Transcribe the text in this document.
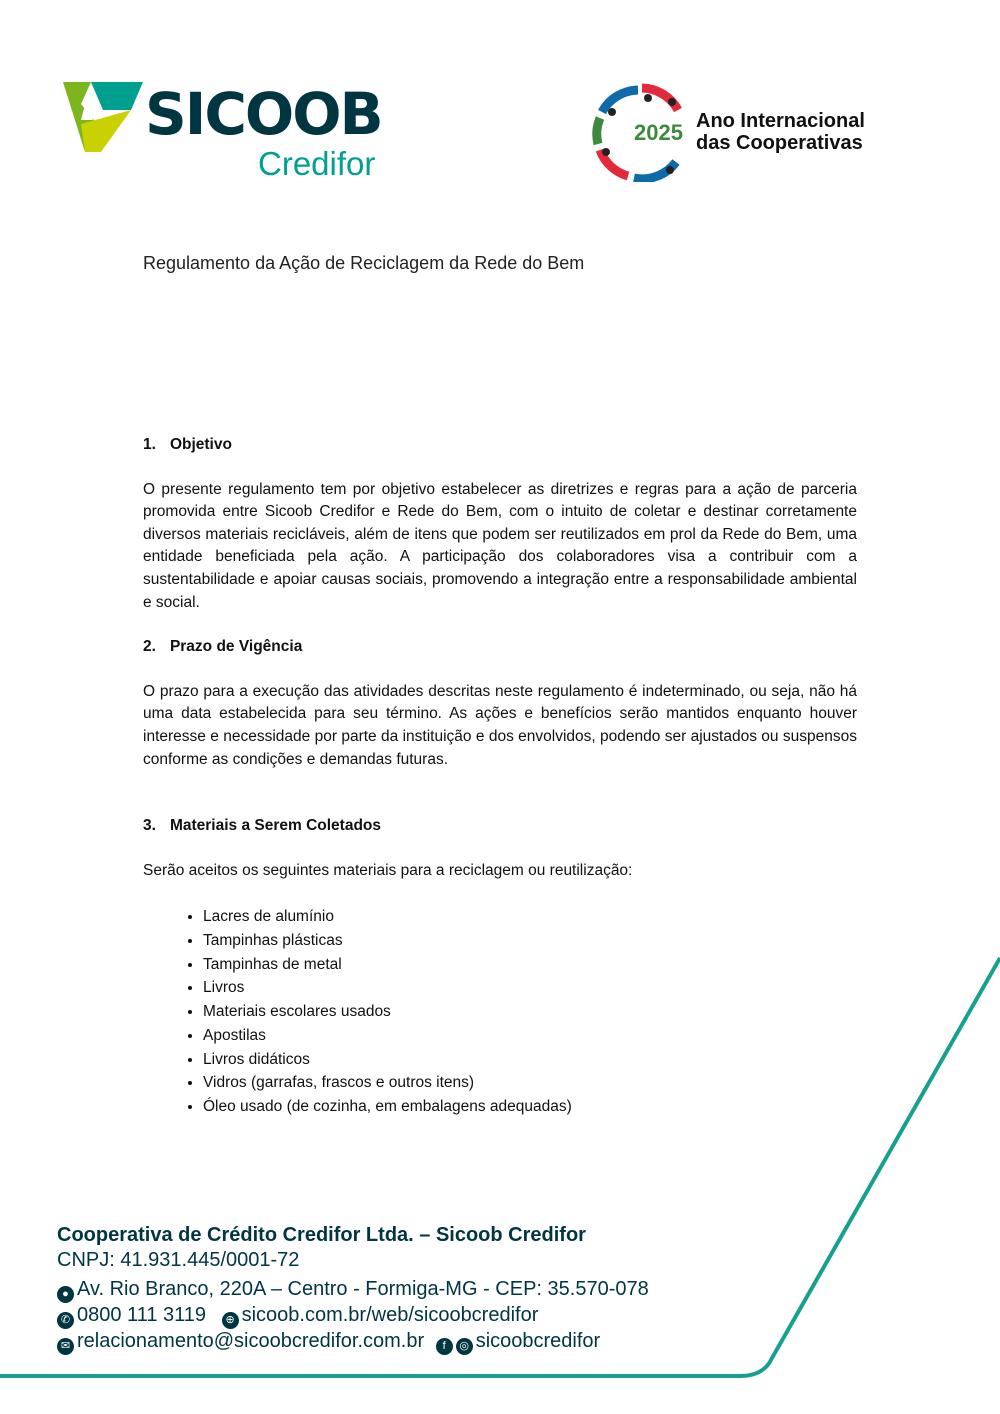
SICOOB
Credifor
2025 Ano Internacional
das Cooperativas
Regulamento da Ação de Reciclagem da Rede do Bem
1. Objetivo

O presente regulamento tem por objetivo estabelecer as diretrizes e regras para a ação de parceria promovida entre Sicoob Credifor e Rede do Bem, com o intuito de coletar e destinar corretamente diversos materiais recicláveis, além de itens que podem ser reutilizados em prol da Rede do Bem, uma entidade beneficiada pela ação. A participação dos colaboradores visa a contribuir com a sustentabilidade e apoiar causas sociais, promovendo a integração entre a responsabilidade ambiental e social.

2. Prazo de Vigência

O prazo para a execução das atividades descritas neste regulamento é indeterminado, ou seja, não há uma data estabelecida para seu término. As ações e benefícios serão mantidos enquanto houver interesse e necessidade por parte da instituição e dos envolvidos, podendo ser ajustados ou suspensos conforme as condições e demandas futuras.

3. Materiais a Serem Coletados

Serão aceitos os seguintes materiais para a reciclagem ou reutilização:

• Lacres de alumínio
• Tampinhas plásticas
• Tampinhas de metal
• Livros
• Materiais escolares usados
• Apostilas
• Livros didáticos
• Vidros (garrafas, frascos e outros itens)
• Óleo usado (de cozinha, em embalagens adequadas)
Cooperativa de Crédito Credifor Ltda. – Sicoob Credifor
CNPJ: 41.931.445/0001-72
● Av. Rio Branco, 220A – Centro - Formiga-MG - CEP: 35.570-078
✆ 0800 111 3119 ⊕ sicoob.com.br/web/sicoobcredifor
✉ relacionamento@sicoobcredifor.com.br f ◎ sicoobcredifor
